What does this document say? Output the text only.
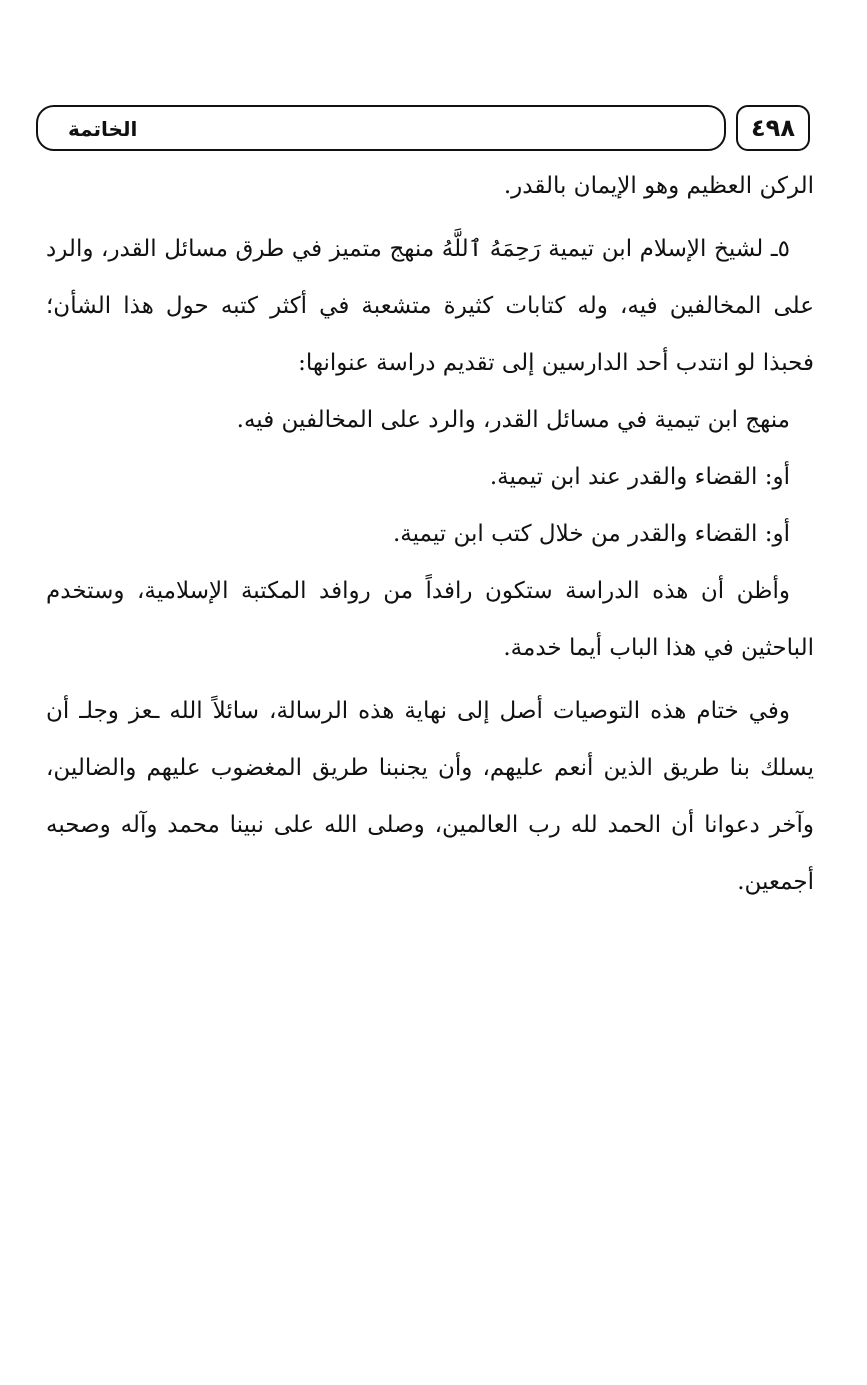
الخاتمة	٤٩٨

الركن العظيم وهو الإيمان بالقدر.

٥ـ لشيخ الإسلام ابن تيمية رَحِمَهُ ٱللَّهُ منهج متميز في طرق مسائل القدر، والرد على المخالفين فيه، وله كتابات كثيرة متشعبة في أكثر كتبه حول هذا الشأن؛ فحبذا لو انتدب أحد الدارسين إلى تقديم دراسة عنوانها:

منهج ابن تيمية في مسائل القدر، والرد على المخالفين فيه.

أو: القضاء والقدر عند ابن تيمية.

أو: القضاء والقدر من خلال كتب ابن تيمية.

وأظن أن هذه الدراسة ستكون رافداً من روافد المكتبة الإسلامية، وستخدم الباحثين في هذا الباب أيما خدمة.

وفي ختام هذه التوصيات أصل إلى نهاية هذه الرسالة، سائلاً الله ـعز وجلـ أن يسلك بنا طريق الذين أنعم عليهم، وأن يجنبنا طريق المغضوب عليهم والضالين، وآخر دعوانا أن الحمد لله رب العالمين، وصلى الله على نبينا محمد وآله وصحبه أجمعين.
